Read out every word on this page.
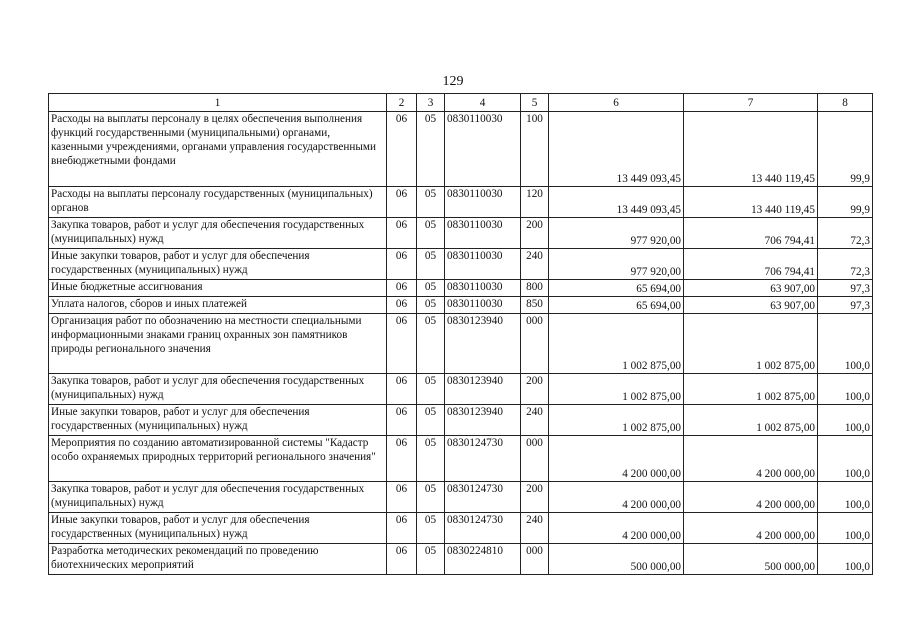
129
1	2	3	4	5	6	7	8
Расходы на выплаты персоналу в целях обеспечения выполнения функций государственными (муниципальными) органами, казенными учреждениями, органами управления государственными внебюджетными фондами	06	05	0830110030	100	13 449 093,45	13 440 119,45	99,9
Расходы на выплаты персоналу государственных (муниципальных) органов	06	05	0830110030	120	13 449 093,45	13 440 119,45	99,9
Закупка товаров, работ и услуг для обеспечения государственных (муниципальных) нужд	06	05	0830110030	200	977 920,00	706 794,41	72,3
Иные закупки товаров, работ и услуг для обеспечения государственных (муниципальных) нужд	06	05	0830110030	240	977 920,00	706 794,41	72,3
Иные бюджетные ассигнования	06	05	0830110030	800	65 694,00	63 907,00	97,3
Уплата налогов, сборов и иных платежей	06	05	0830110030	850	65 694,00	63 907,00	97,3
Организация работ по обозначению на местности специальными информационными знаками границ охранных зон памятников природы регионального значения	06	05	0830123940	000	1 002 875,00	1 002 875,00	100,0
Закупка товаров, работ и услуг для обеспечения государственных (муниципальных) нужд	06	05	0830123940	200	1 002 875,00	1 002 875,00	100,0
Иные закупки товаров, работ и услуг для обеспечения государственных (муниципальных) нужд	06	05	0830123940	240	1 002 875,00	1 002 875,00	100,0
Мероприятия по созданию автоматизированной системы "Кадастр особо охраняемых природных территорий регионального значения"	06	05	0830124730	000	4 200 000,00	4 200 000,00	100,0
Закупка товаров, работ и услуг для обеспечения государственных (муниципальных) нужд	06	05	0830124730	200	4 200 000,00	4 200 000,00	100,0
Иные закупки товаров, работ и услуг для обеспечения государственных (муниципальных) нужд	06	05	0830124730	240	4 200 000,00	4 200 000,00	100,0
Разработка методических рекомендаций по проведению биотехнических мероприятий	06	05	0830224810	000	500 000,00	500 000,00	100,0
